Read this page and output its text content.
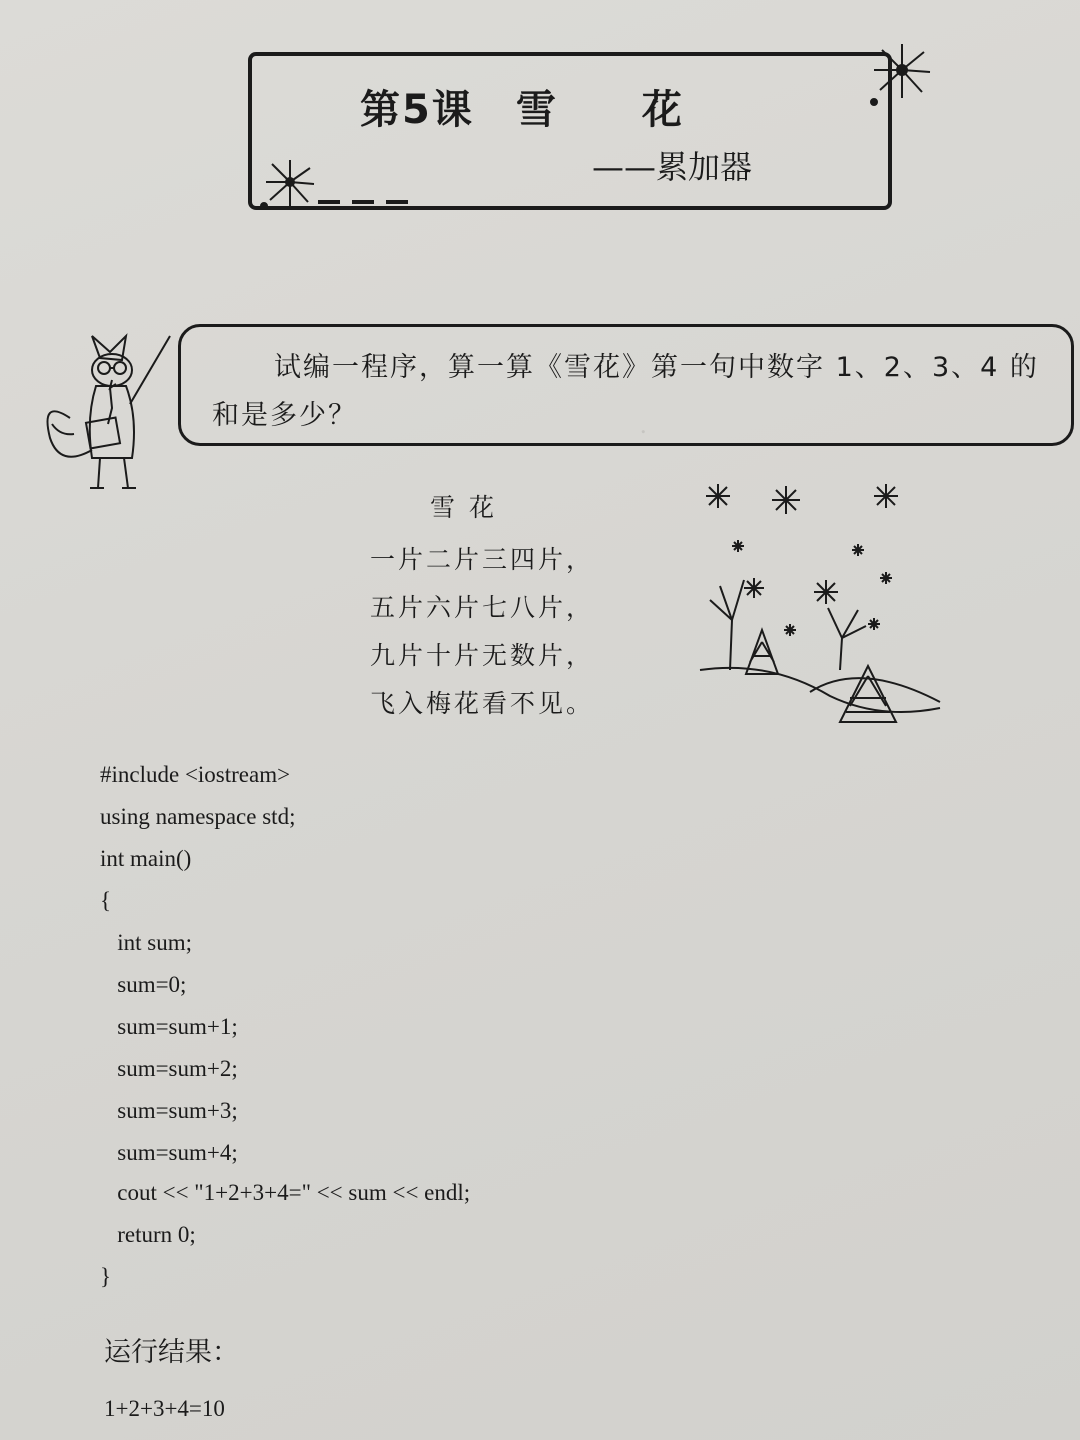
.
第5课　雪　　花
——累加器
试编一程序，算一算《雪花》第一句中数字 1、2、3、4 的和是多少？
雪花
一片二片三四片，
五片六片七八片，
九片十片无数片，
飞入梅花看不见。
#include <iostream>
using namespace std;
int main()
{
int sum;
sum=0;
sum=sum+1;
sum=sum+2;
sum=sum+3;
sum=sum+4;
cout << "1+2+3+4=" << sum << endl;
return 0;
}
运行结果：
1+2+3+4=10
